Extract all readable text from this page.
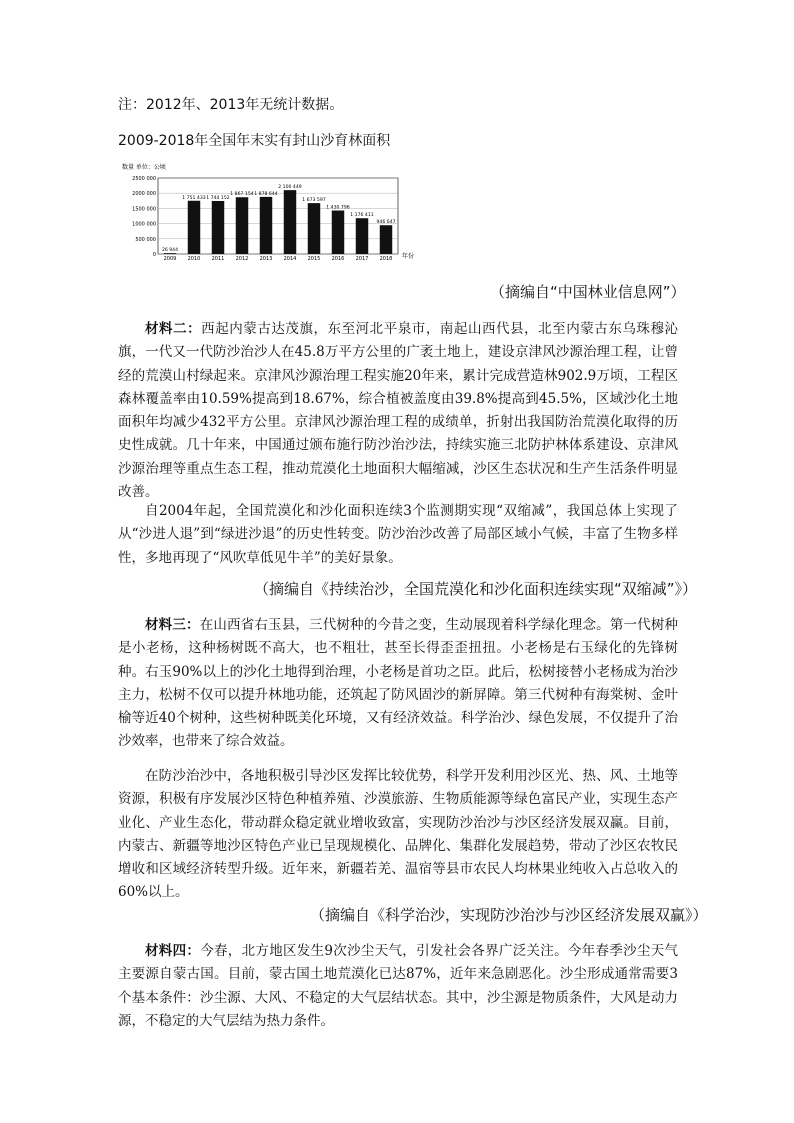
注：2012年、2013年无统计数据。
2009-2018年全国年末实有封山沙育林面积
数量 单位：公顷
年份
0
500 000
1000 000
1500 000
2000 000
2500 000
26 944
2009
1 751 433
2010
1 744 152
2011
1 867 154
2012
1 878 644
2013
2 100 449
2014
1 673 597
2015
1 430 796
2016
1 176 411
2017
946 647
2018
（摘编自“中国林业信息网”）

材料二：西起内蒙古达茂旗，东至河北平泉市，南起山西代县，北至内蒙古东乌珠穆沁旗，一代又一代防沙治沙人在45.8万平方公里的广袤土地上，建设京津风沙源治理工程，让曾经的荒漠山村绿起来。京津风沙源治理工程实施20年来，累计完成营造林902.9万顷，工程区森林覆盖率由10.59%提高到18.67%，综合植被盖度由39.8%提高到45.5%，区域沙化土地面积年均减少432平方公里。京津风沙源治理工程的成绩单，折射出我国防治荒漠化取得的历史性成就。几十年来，中国通过颁布施行防沙治沙法，持续实施三北防护林体系建设、京津风沙源治理等重点生态工程，推动荒漠化土地面积大幅缩减，沙区生态状况和生产生活条件明显改善。

自2004年起，全国荒漠化和沙化面积连续3个监测期实现“双缩减”，我国总体上实现了从“沙进人退”到“绿进沙退”的历史性转变。防沙治沙改善了局部区域小气候，丰富了生物多样性，多地再现了“风吹草低见牛羊”的美好景象。

（摘编自《持续治沙，全国荒漠化和沙化面积连续实现“双缩减”》）

材料三：在山西省右玉县，三代树种的今昔之变，生动展现着科学绿化理念。第一代树种是小老杨，这种杨树既不高大，也不粗壮，甚至长得歪歪扭扭。小老杨是右玉绿化的先锋树种。右玉90%以上的沙化土地得到治理，小老杨是首功之臣。此后，松树接替小老杨成为治沙主力，松树不仅可以提升林地功能，还筑起了防风固沙的新屏障。第三代树种有海棠树、金叶榆等近40个树种，这些树种既美化环境，又有经济效益。科学治沙、绿色发展，不仅提升了治沙效率，也带来了综合效益。

在防沙治沙中，各地积极引导沙区发挥比较优势，科学开发利用沙区光、热、风、土地等资源，积极有序发展沙区特色种植养殖、沙漠旅游、生物质能源等绿色富民产业，实现生态产业化、产业生态化，带动群众稳定就业增收致富，实现防沙治沙与沙区经济发展双赢。目前，内蒙古、新疆等地沙区特色产业已呈现规模化、品牌化、集群化发展趋势，带动了沙区农牧民增收和区域经济转型升级。近年来，新疆若羌、温宿等县市农民人均林果业纯收入占总收入的60%以上。

（摘编自《科学治沙，实现防沙治沙与沙区经济发展双赢》）

材料四：今春，北方地区发生9次沙尘天气，引发社会各界广泛关注。今年春季沙尘天气主要源自蒙古国。目前，蒙古国土地荒漠化已达87%，近年来急剧恶化。沙尘形成通常需要3个基本条件：沙尘源、大风、不稳定的大气层结状态。其中，沙尘源是物质条件，大风是动力源，不稳定的大气层结为热力条件。
